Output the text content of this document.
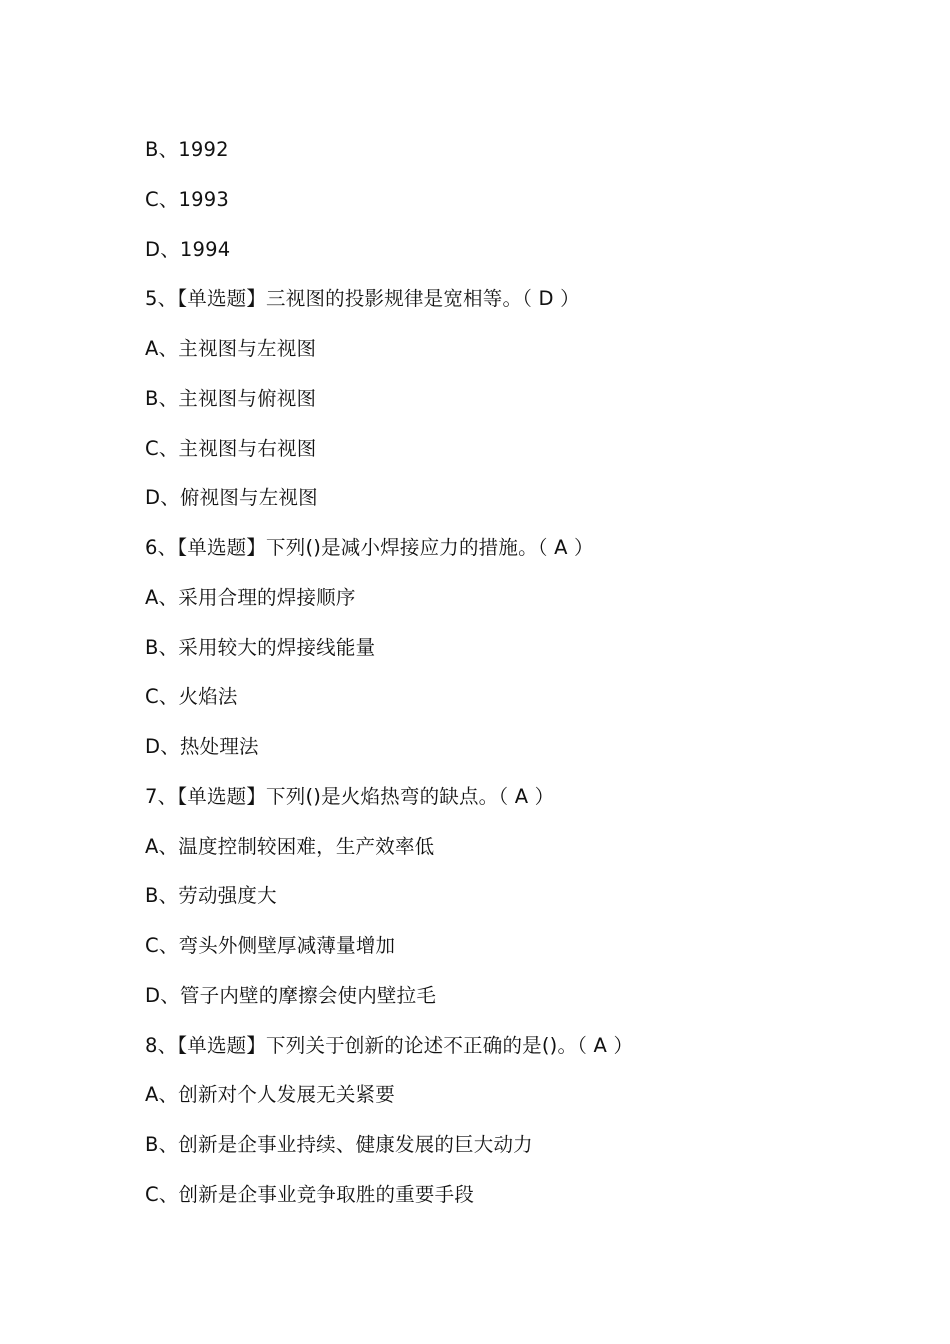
B、1992
C、1993
D、1994
5、【单选题】三视图的投影规律是宽相等。（ D ）
A、主视图与左视图
B、主视图与俯视图
C、主视图与右视图
D、俯视图与左视图
6、【单选题】下列()是减小焊接应力的措施。（ A ）
A、采用合理的焊接顺序
B、采用较大的焊接线能量
C、火焰法
D、热处理法
7、【单选题】下列()是火焰热弯的缺点。（ A ）
A、温度控制较困难，生产效率低
B、劳动强度大
C、弯头外侧壁厚减薄量增加
D、管子内壁的摩擦会使内壁拉毛
8、【单选题】下列关于创新的论述不正确的是()。（ A ）
A、创新对个人发展无关紧要
B、创新是企事业持续、健康发展的巨大动力
C、创新是企事业竞争取胜的重要手段
